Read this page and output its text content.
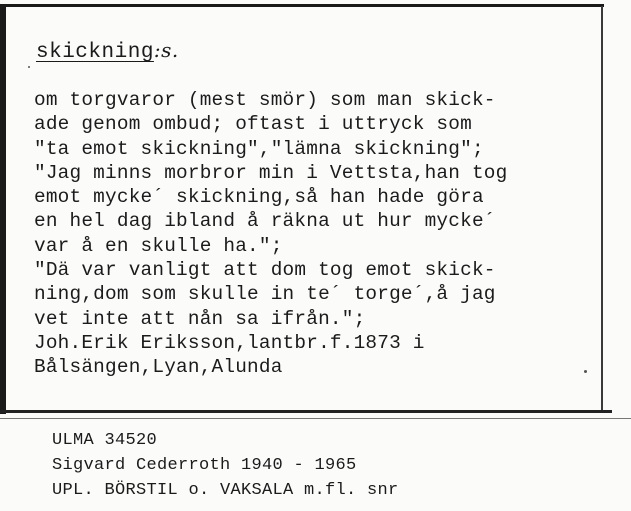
skickning:s.
om torgvaror (mest smör) som man skick-
ade genom ombud; oftast i uttryck som
"ta emot skickning","lämna skickning";
"Jag minns morbror min i Vettsta,han tog
emot mycke´ skickning,så han hade göra
en hel dag ibland å räkna ut hur mycke´
var å en skulle ha.";
"Dä var vanligt att dom tog emot skick-
ning,dom som skulle in te´ torge´,å jag
vet inte att nån sa ifrån.";
Joh.Erik Eriksson,lantbr.f.1873 i
Bålsängen,Lyan,Alunda
ULMA 34520
Sigvard Cederroth 1940 - 1965
UPL. BÖRSTIL o. VAKSALA m.fl. snr
